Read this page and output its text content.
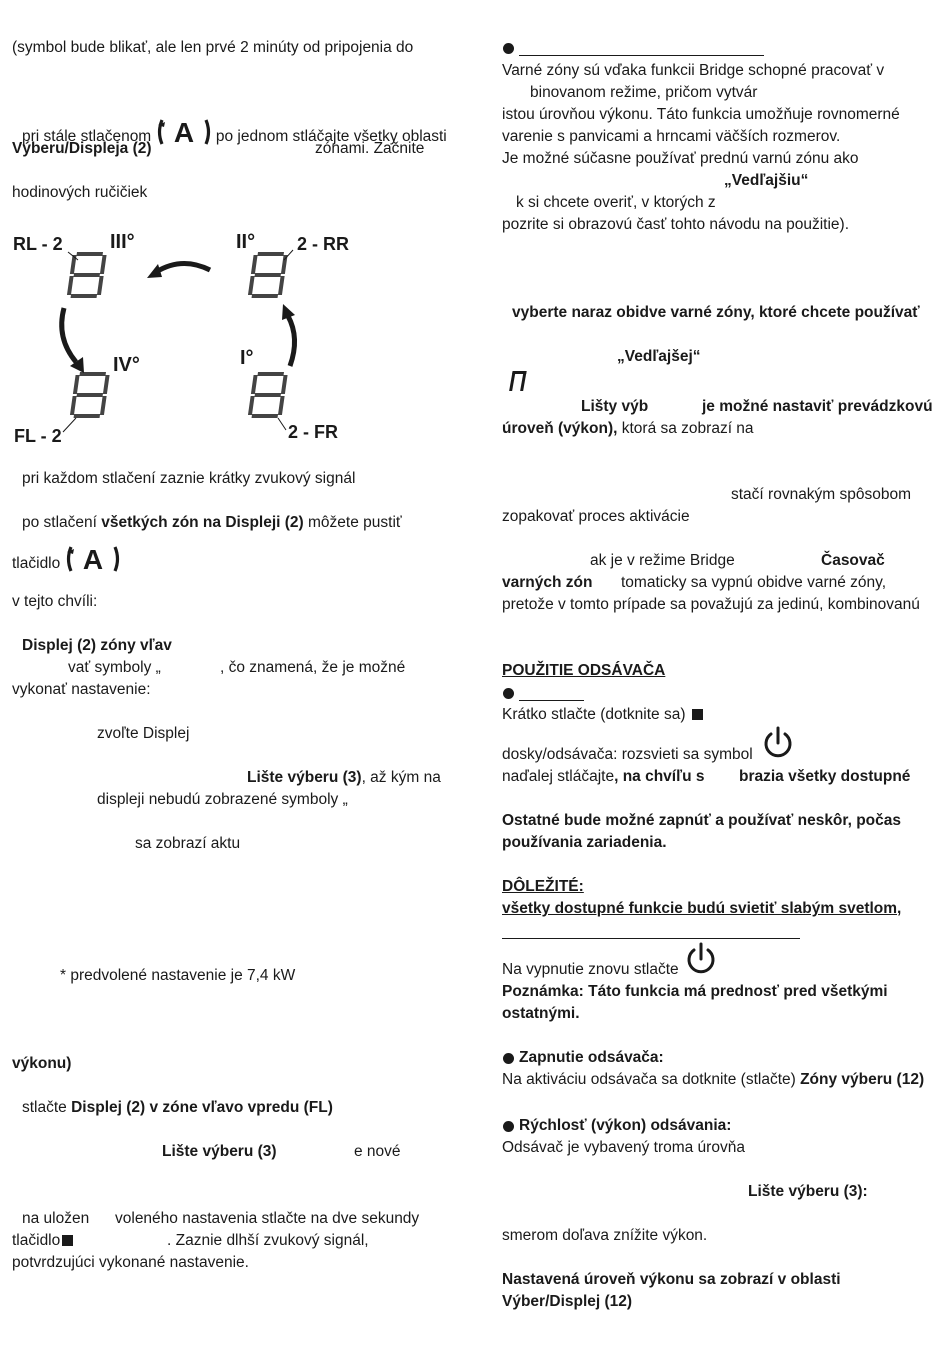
(symbol bude blikať, ale len prvé 2 minúty od pripojenia do
pri stále stlačenom A po jednom stláčajte všetky oblasti
Výberu/Displeja (2)	zónami. Začnite
hodinových ručičiek
RL - 2 III°	II° 2 - RR
IV°	I°
FL - 2	2 - FR
pri každom stlačení zaznie krátky zvukový signál
po stlačení všetkých zón na Displeji (2) môžete pustiť
tlačidlo A
v tejto chvíli:
Displej (2) zóny vľav
vať symboly „	, čo znamená, že je možné
vykonať nastavenie:
zvoľte Displej
Lište výberu (3), až kým na
displeji nebudú zobrazené symboly „
sa zobrazí aktu
* predvolené nastavenie je 7,4 kW
výkonu)
stlačte Displej (2) v zóne vľavo vpredu (FL)
Lište výberu (3)	e nové
na uložen voleného nastavenia stlačte na dve sekundy
tlačidlo	. Zaznie dlhší zvukový signál,
potvrdzujúci vykonané nastavenie.
Varné zóny sú vďaka funkcii Bridge schopné pracovať v
binovanom režime, pričom vytvár
istou úrovňou výkonu. Táto funkcia umožňuje rovnomerné
varenie s panvicami a hrncami väčších rozmerov.
Je možné súčasne používať prednú varnú zónu ako
„Vedľajšiu“
k si chcete overiť, v ktorých z
pozrite si obrazovú časť tohto návodu na použitie).
vyberte naraz obidve varné zóny, ktoré chcete používať
„Vedľajšej“
Lišty výb	je možné nastaviť prevádzkovú
úroveň (výkon), ktorá sa zobrazí na
stačí rovnakým spôsobom
zopakovať proces aktivácie
ak je v režime Bridge	Časovač
varných zón tomaticky sa vypnú obidve varné zóny,
pretože v tomto prípade sa považujú za jedinú, kombinovanú
POUŽITIE ODSÁVAČA
Krátko stlačte (dotknite sa)
dosky/odsávača: rozsvieti sa symbol
naďalej stláčajte, na chvíľu s brazia všetky dostupné
Ostatné bude možné zapnúť a používať neskôr, počas
používania zariadenia.
DÔLEŽITÉ:
všetky dostupné funkcie budú svietiť slabým svetlom,
Na vypnutie znovu stlačte
Poznámka: Táto funkcia má prednosť pred všetkými
ostatnými.
Zapnutie odsávača:
Na aktiváciu odsávača sa dotknite (stlačte) Zóny výberu (12)
Rýchlosť (výkon) odsávania:
Odsávač je vybavený troma úrovňa
Lište výberu (3):
smerom doľava znížite výkon.
Nastavená úroveň výkonu sa zobrazí v oblasti
Výber/Displej (12)
